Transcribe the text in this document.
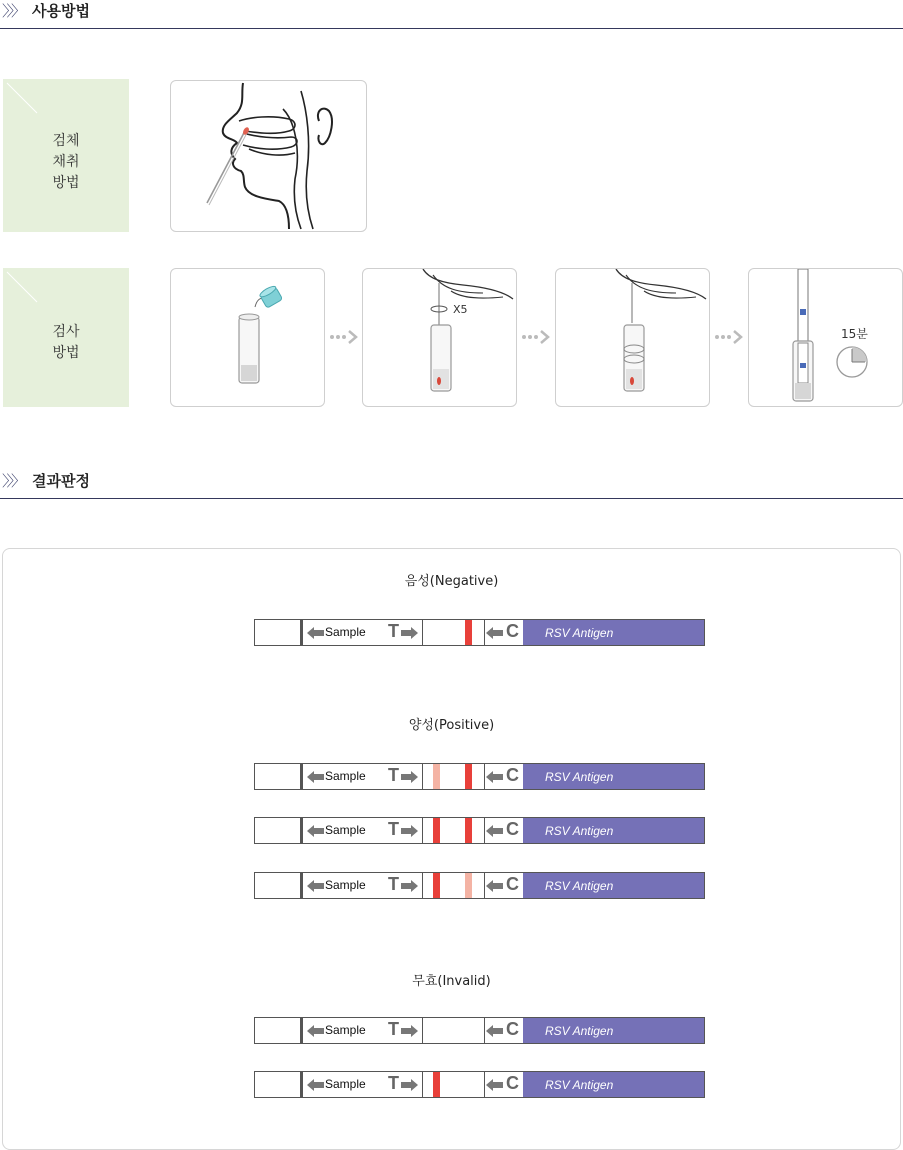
〉〉〉 사용방법
검체
채취
방법
검사
방법
X5
15분
〉〉〉 결과판정
음성(Negative)
양성(Positive)
무효(Invalid)
Sample T	C RSV Antigen
Sample T	C RSV Antigen
Sample T	C RSV Antigen
Sample T	C RSV Antigen
Sample T	C RSV Antigen
Sample T	C RSV Antigen
